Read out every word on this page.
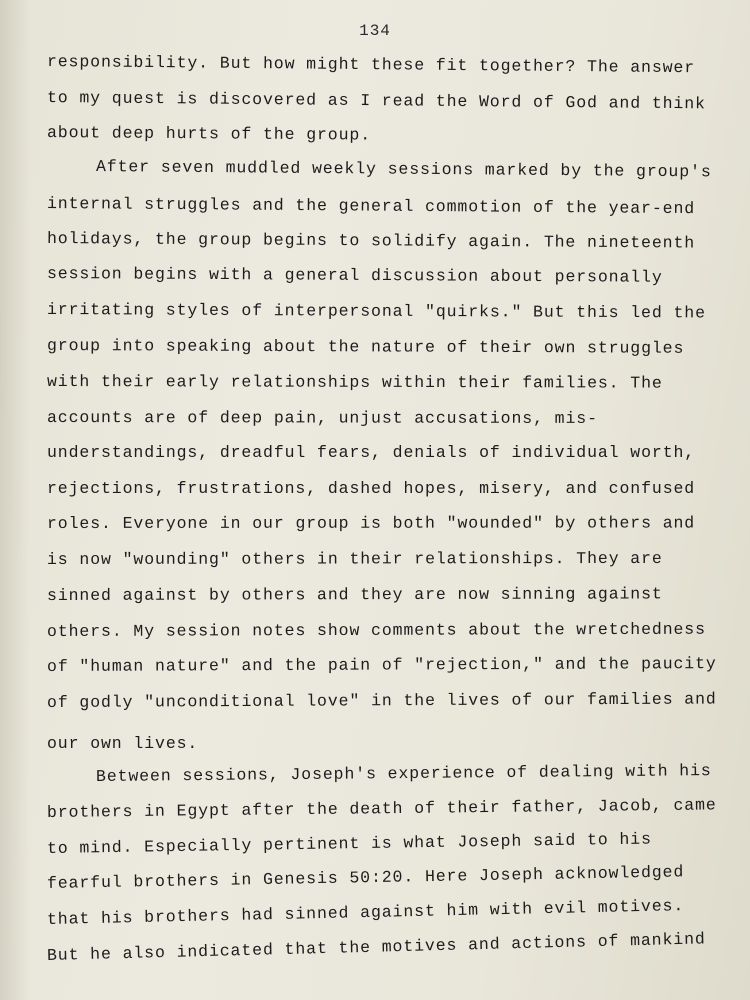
134
responsibility. But how might these fit together? The answer
to my quest is discovered as I read the Word of God and think
about deep hurts of the group.
After seven muddled weekly sessions marked by the group's
internal struggles and the general commotion of the year-end
holidays, the group begins to solidify again. The nineteenth
session begins with a general discussion about personally
irritating styles of interpersonal "quirks." But this led the
group into speaking about the nature of their own struggles
with their early relationships within their families. The
accounts are of deep pain, unjust accusations, mis-
understandings, dreadful fears, denials of individual worth,
rejections, frustrations, dashed hopes, misery, and confused
roles. Everyone in our group is both "wounded" by others and
is now "wounding" others in their relationships. They are
sinned against by others and they are now sinning against
others. My session notes show comments about the wretchedness
of "human nature" and the pain of "rejection," and the paucity
of godly "unconditional love" in the lives of our families and
our own lives.
Between sessions, Joseph's experience of dealing with his
brothers in Egypt after the death of their father, Jacob, came
to mind. Especially pertinent is what Joseph said to his
fearful brothers in Genesis 50:20. Here Joseph acknowledged
that his brothers had sinned against him with evil motives.
But he also indicated that the motives and actions of mankind
